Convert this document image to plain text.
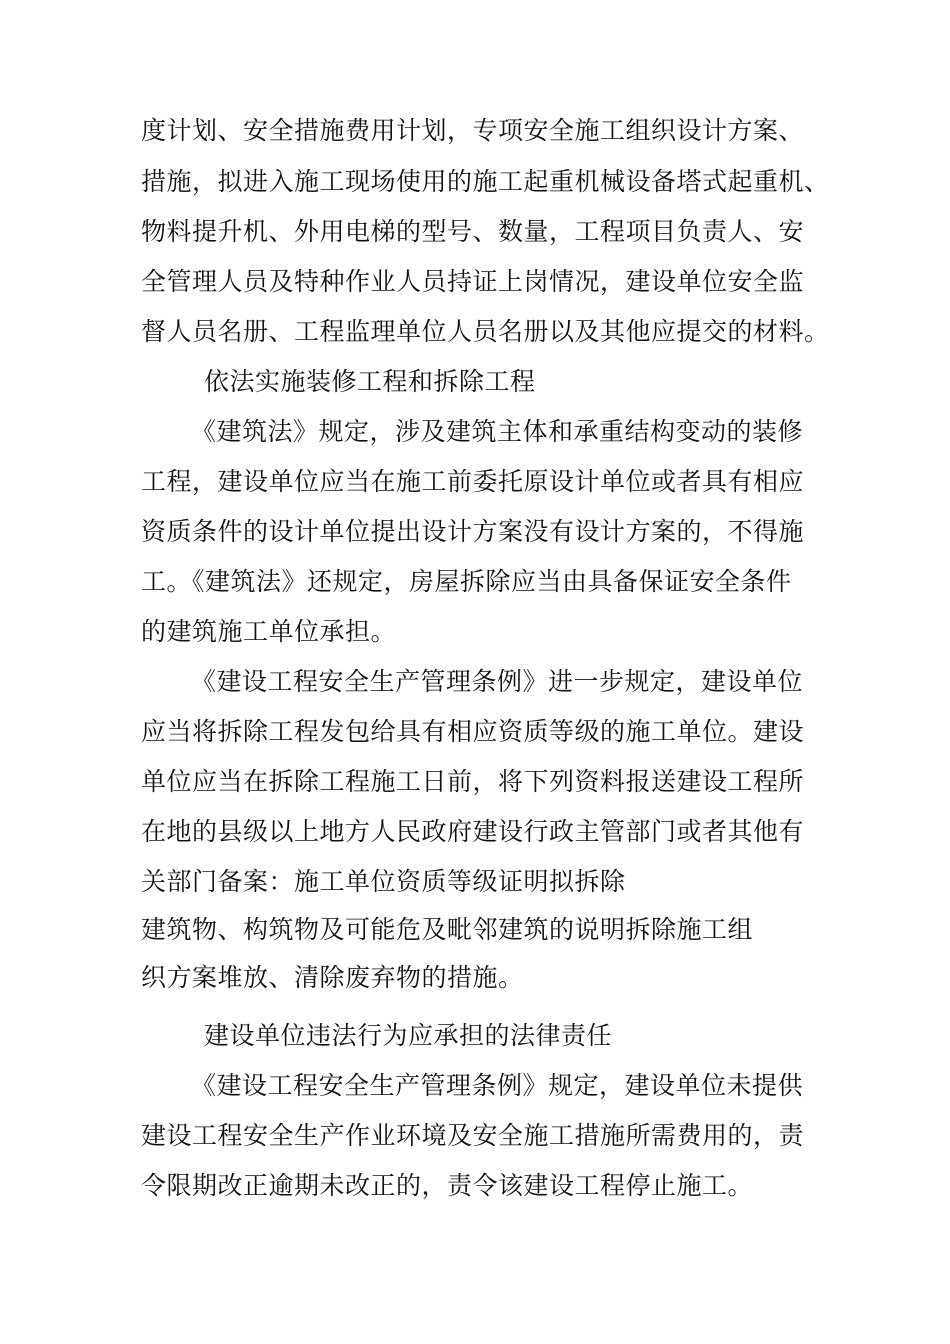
度计划、安全措施费用计划，专项安全施工组织设计方案、
措施，拟进入施工现场使用的施工起重机械设备塔式起重机、
物料提升机、外用电梯的型号、数量，工程项目负责人、安
全管理人员及特种作业人员持证上岗情况，建设单位安全监
督人员名册、工程监理单位人员名册以及其他应提交的材料。
依法实施装修工程和拆除工程
《建筑法》规定，涉及建筑主体和承重结构变动的装修
工程，建设单位应当在施工前委托原设计单位或者具有相应
资质条件的设计单位提出设计方案没有设计方案的，不得施
工。《建筑法》还规定，房屋拆除应当由具备保证安全条件
的建筑施工单位承担。
《建设工程安全生产管理条例》进一步规定，建设单位
应当将拆除工程发包给具有相应资质等级的施工单位。建设
单位应当在拆除工程施工日前，将下列资料报送建设工程所
在地的县级以上地方人民政府建设行政主管部门或者其他有
关部门备案：施工单位资质等级证明拟拆除
建筑物、构筑物及可能危及毗邻建筑的说明拆除施工组
织方案堆放、清除废弃物的措施。
建设单位违法行为应承担的法律责任
《建设工程安全生产管理条例》规定，建设单位未提供
建设工程安全生产作业环境及安全施工措施所需费用的，责
令限期改正逾期未改正的，责令该建设工程停止施工。
